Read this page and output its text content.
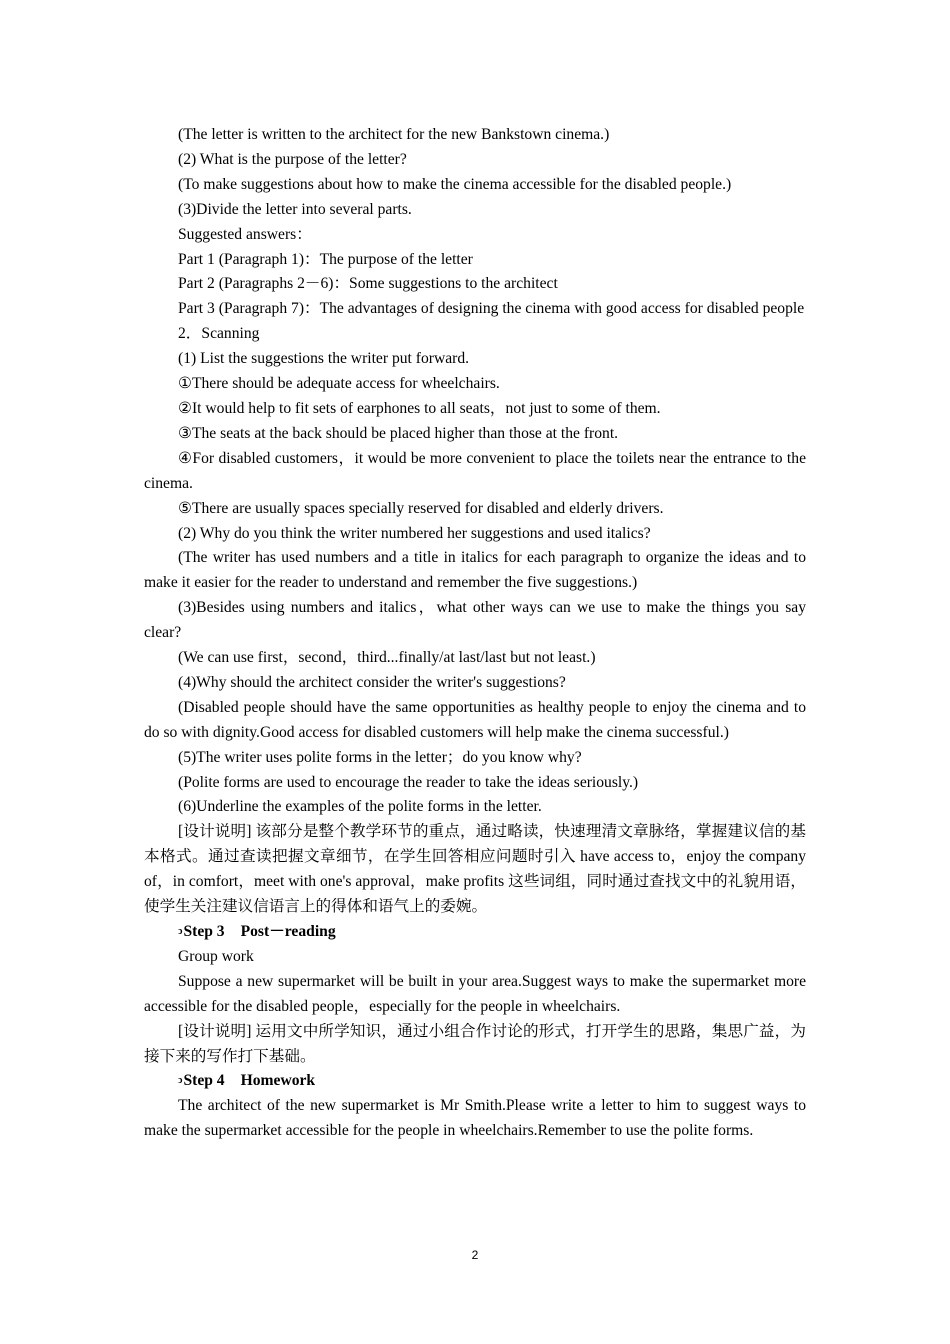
(The letter is written to the architect for the new Bankstown cinema.)

(2) What is the purpose of the letter?

(To make suggestions about how to make the cinema accessible for the disabled people.)

(3)Divide the letter into several parts.

Suggested answers：

Part 1 (Paragraph 1)：The purpose of the letter

Part 2 (Paragraphs 2－6)：Some suggestions to the architect

Part 3 (Paragraph 7)：The advantages of designing the cinema with good access for disabled people

2．Scanning

(1) List the suggestions the writer put forward.

①There should be adequate access for wheelchairs.

②It would help to fit sets of earphones to all seats，not just to some of them.

③The seats at the back should be placed higher than those at the front.

④For disabled customers，it would be more convenient to place the toilets near the entrance to the cinema.

⑤There are usually spaces specially reserved for disabled and elderly drivers.

(2) Why do you think the writer numbered her suggestions and used italics?

(The writer has used numbers and a title in italics for each paragraph to organize the ideas and to make it easier for the reader to understand and remember the five suggestions.)

(3)Besides using numbers and italics，what other ways can we use to make the things you say clear?

(We can use first，second，third...finally/at last/last but not least.)

(4)Why should the architect consider the writer's suggestions?

(Disabled people should have the same opportunities as healthy people to enjoy the cinema and to do so with dignity.Good access for disabled customers will help make the cinema successful.)

(5)The writer uses polite forms in the letter；do you know why?

(Polite forms are used to encourage the reader to take the ideas seriously.)

(6)Underline the examples of the polite forms in the letter.

[设计说明] 该部分是整个教学环节的重点，通过略读，快速理清文章脉络，掌握建议信的基本格式。通过查读把握文章细节，在学生回答相应问题时引入 have access to，enjoy the company of，in comfort，meet with one's approval，make profits 这些词组，同时通过查找文中的礼貌用语，使学生关注建议信语言上的得体和语气上的委婉。

ↄStep 3 Post－reading

Group work

Suppose a new supermarket will be built in your area.Suggest ways to make the supermarket more accessible for the disabled people，especially for the people in wheelchairs.

[设计说明] 运用文中所学知识，通过小组合作讨论的形式，打开学生的思路，集思广益，为接下来的写作打下基础。

ↄStep 4 Homework

The architect of the new supermarket is Mr Smith.Please write a letter to him to suggest ways to make the supermarket accessible for the people in wheelchairs.Remember to use the polite forms.

2
